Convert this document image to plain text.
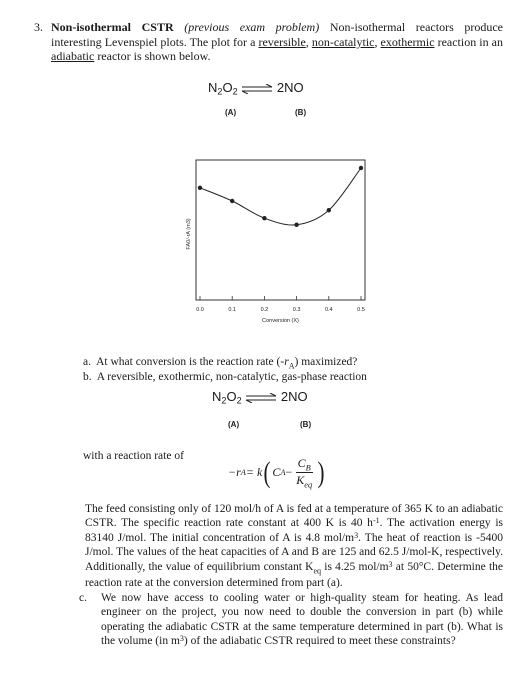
3. Non-isothermal CSTR (previous exam problem) Non-isothermal reactors produce interesting Levenspiel plots. The plot for a reversible, non-catalytic, exothermic reaction in an adiabatic reactor is shown below.
$N_2O_2$ ⇌ 2NO
(A)	(B)
0.0	0.1	0.2	0.3	0.4	0.5
Conversion (X)
FA0/-rA (m3)
a. At what conversion is the reaction rate $(-r_A)$ maximized?
b. A reversible, exothermic, non-catalytic, gas-phase reaction
$N_2O_2$ ⇌ 2NO
(A)	(B)
with a reaction rate of
−r A = k ( C A −
$C_B$
$K_{eq}$ )
The feed consisting only of 120 mol/h of A is fed at a temperature of 365 K to an adiabatic CSTR. The specific reaction rate constant at 400 K is 40 $h^{-1}$. The activation energy is 83140 J/mol. The initial concentration of A is 4.8 mol/$m^3$. The heat of reaction is -5400 J/mol. The values of the heat capacities of A and B are 125 and 62.5 J/mol-K, respectively. Additionally, the value of equilibrium constant $K_{eq}$ is 4.25 mol/$m^3$ at 50°C. Determine the reaction rate at the conversion determined from part (a).
c.	We now have access to cooling water or high-quality steam for heating. As lead engineer on the project, you now need to double the conversion in part (b) while operating the adiabatic CSTR at the same temperature determined in part (b). What is the volume (in $m^3$) of the adiabatic CSTR required to meet these constraints?
